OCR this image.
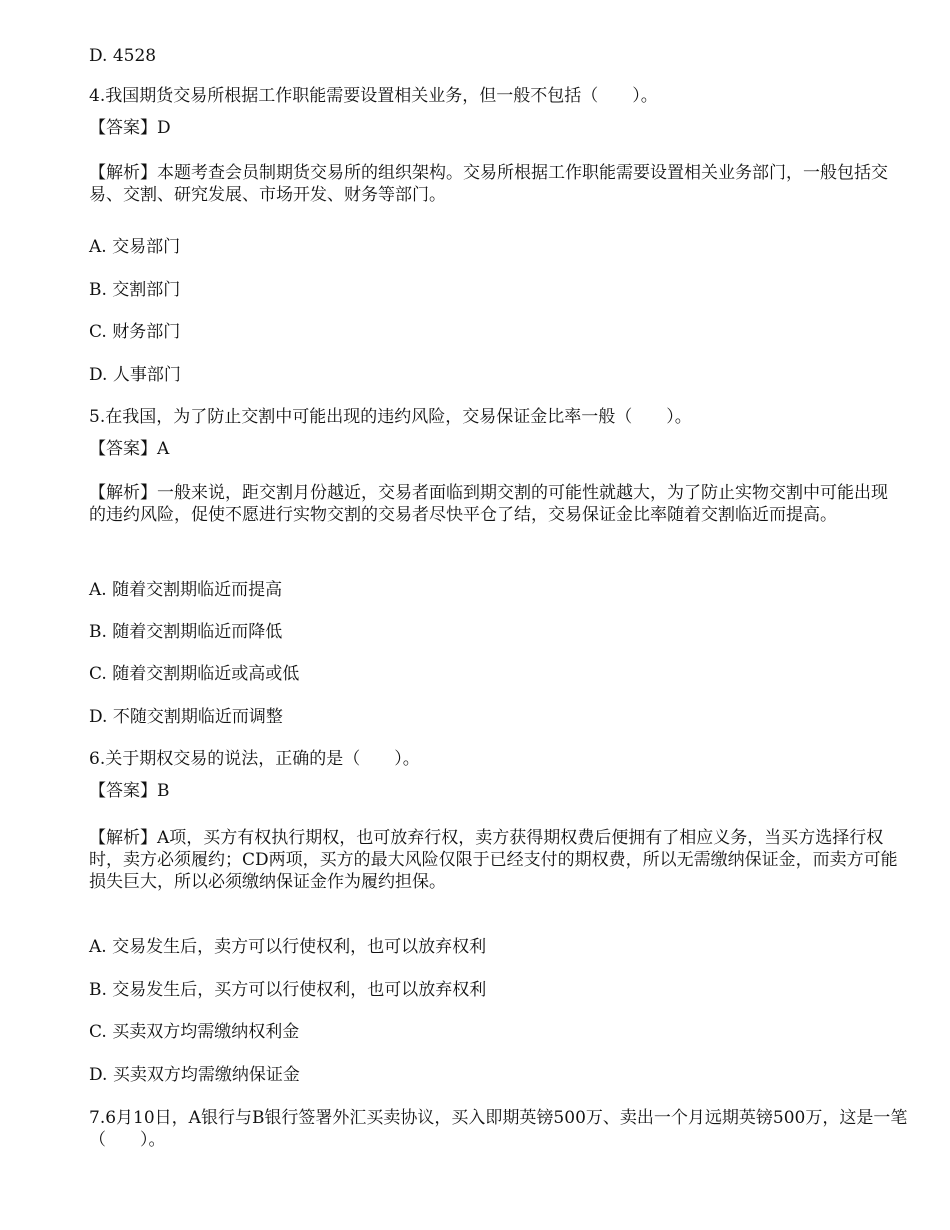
D. 4528
4.我国期货交易所根据工作职能需要设置相关业务，但一般不包括（　　）。
【答案】D
【解析】本题考查会员制期货交易所的组织架构。交易所根据工作职能需要设置相关业务部门，一般包括交易、交割、研究发展、市场开发、财务等部门。
A. 交易部门
B. 交割部门
C. 财务部门
D. 人事部门
5.在我国，为了防止交割中可能出现的违约风险，交易保证金比率一般（　　）。
【答案】A
【解析】一般来说，距交割月份越近，交易者面临到期交割的可能性就越大，为了防止实物交割中可能出现的违约风险，促使不愿进行实物交割的交易者尽快平仓了结，交易保证金比率随着交割临近而提高。
A. 随着交割期临近而提高
B. 随着交割期临近而降低
C. 随着交割期临近或高或低
D. 不随交割期临近而调整
6.关于期权交易的说法，正确的是（　　）。
【答案】B
【解析】A项，买方有权执行期权，也可放弃行权，卖方获得期权费后便拥有了相应义务，当买方选择行权时，卖方必须履约；CD两项，买方的最大风险仅限于已经支付的期权费，所以无需缴纳保证金，而卖方可能损失巨大，所以必须缴纳保证金作为履约担保。
A. 交易发生后，卖方可以行使权利，也可以放弃权利
B. 交易发生后，买方可以行使权利，也可以放弃权利
C. 买卖双方均需缴纳权利金
D. 买卖双方均需缴纳保证金
7.6月10日，A银行与B银行签署外汇买卖协议，买入即期英镑500万、卖出一个月远期英镑500万，这是一笔（　　）。
